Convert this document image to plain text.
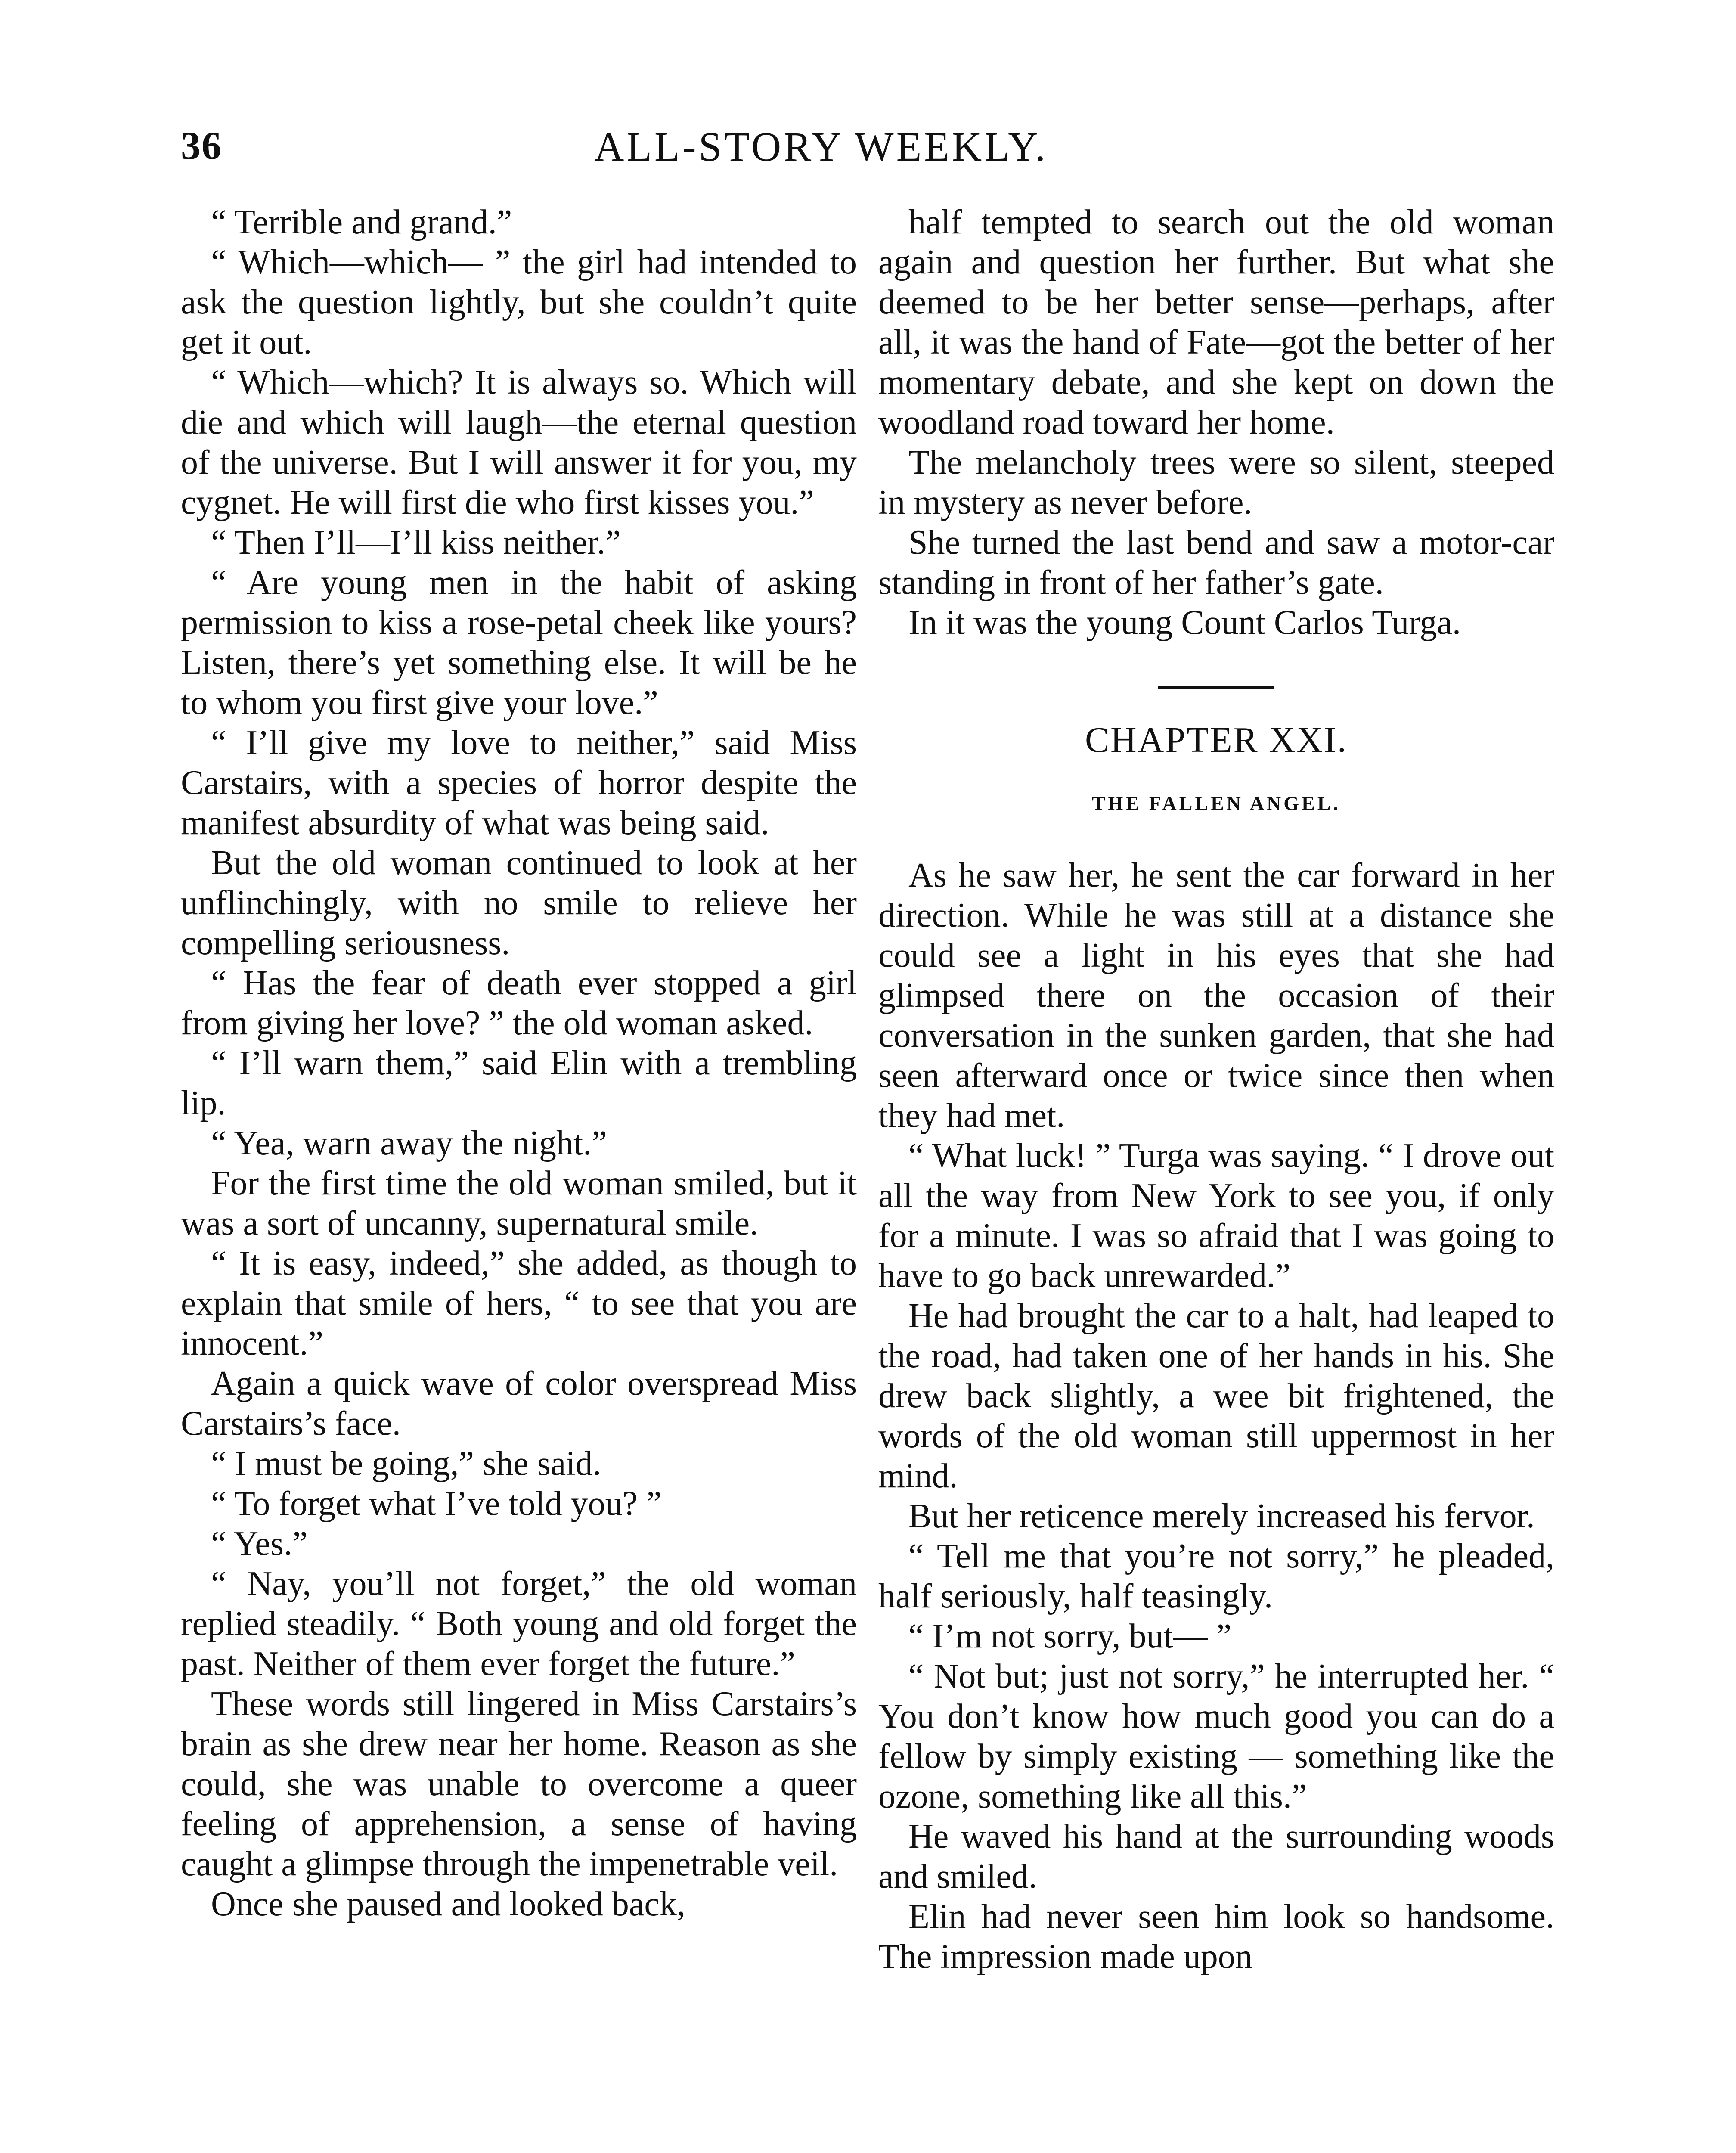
36	ALL-STORY WEEKLY.

“ Terrible and grand.”

“ Which—which— ” the girl had intended to ask the question lightly, but she couldn’t quite get it out.

“ Which—which? It is always so. Which will die and which will laugh—the eternal question of the universe. But I will answer it for you, my cygnet. He will first die who first kisses you.”

“ Then I’ll—I’ll kiss neither.”

“ Are young men in the habit of asking permission to kiss a rose-petal cheek like yours? Listen, there’s yet something else. It will be he to whom you first give your love.”

“ I’ll give my love to neither,” said Miss Carstairs, with a species of horror despite the manifest absurdity of what was being said.

But the old woman continued to look at her unflinchingly, with no smile to relieve her compelling seriousness.

“ Has the fear of death ever stopped a girl from giving her love? ” the old woman asked.

“ I’ll warn them,” said Elin with a trembling lip.

“ Yea, warn away the night.”

For the first time the old woman smiled, but it was a sort of uncanny, supernatural smile.

“ It is easy, indeed,” she added, as though to explain that smile of hers, “ to see that you are innocent.”

Again a quick wave of color overspread Miss Carstairs’s face.

“ I must be going,” she said.

“ To forget what I’ve told you? ”

“ Yes.”

“ Nay, you’ll not forget,” the old woman replied steadily. “ Both young and old forget the past. Neither of them ever forget the future.”

These words still lingered in Miss Carstairs’s brain as she drew near her home. Reason as she could, she was unable to overcome a queer feeling of apprehension, a sense of having caught a glimpse through the impenetrable veil.

Once she paused and looked back,

half tempted to search out the old woman again and question her further. But what she deemed to be her better sense—perhaps, after all, it was the hand of Fate—got the better of her momentary debate, and she kept on down the woodland road toward her home.

The melancholy trees were so silent, steeped in mystery as never before.

She turned the last bend and saw a motor-car standing in front of her father’s gate.

In it was the young Count Carlos Turga.

CHAPTER XXI.
THE FALLEN ANGEL.

As he saw her, he sent the car forward in her direction. While he was still at a distance she could see a light in his eyes that she had glimpsed there on the occasion of their conversation in the sunken garden, that she had seen afterward once or twice since then when they had met.

“ What luck! ” Turga was saying. “ I drove out all the way from New York to see you, if only for a minute. I was so afraid that I was going to have to go back unrewarded.”

He had brought the car to a halt, had leaped to the road, had taken one of her hands in his. She drew back slightly, a wee bit frightened, the words of the old woman still uppermost in her mind.

But her reticence merely increased his fervor.

“ Tell me that you’re not sorry,” he pleaded, half seriously, half teasingly.

“ I’m not sorry, but— ”

“ Not but; just not sorry,” he interrupted her. “ You don’t know how much good you can do a fellow by simply existing — something like the ozone, something like all this.”

He waved his hand at the surrounding woods and smiled.

Elin had never seen him look so handsome. The impression made upon
